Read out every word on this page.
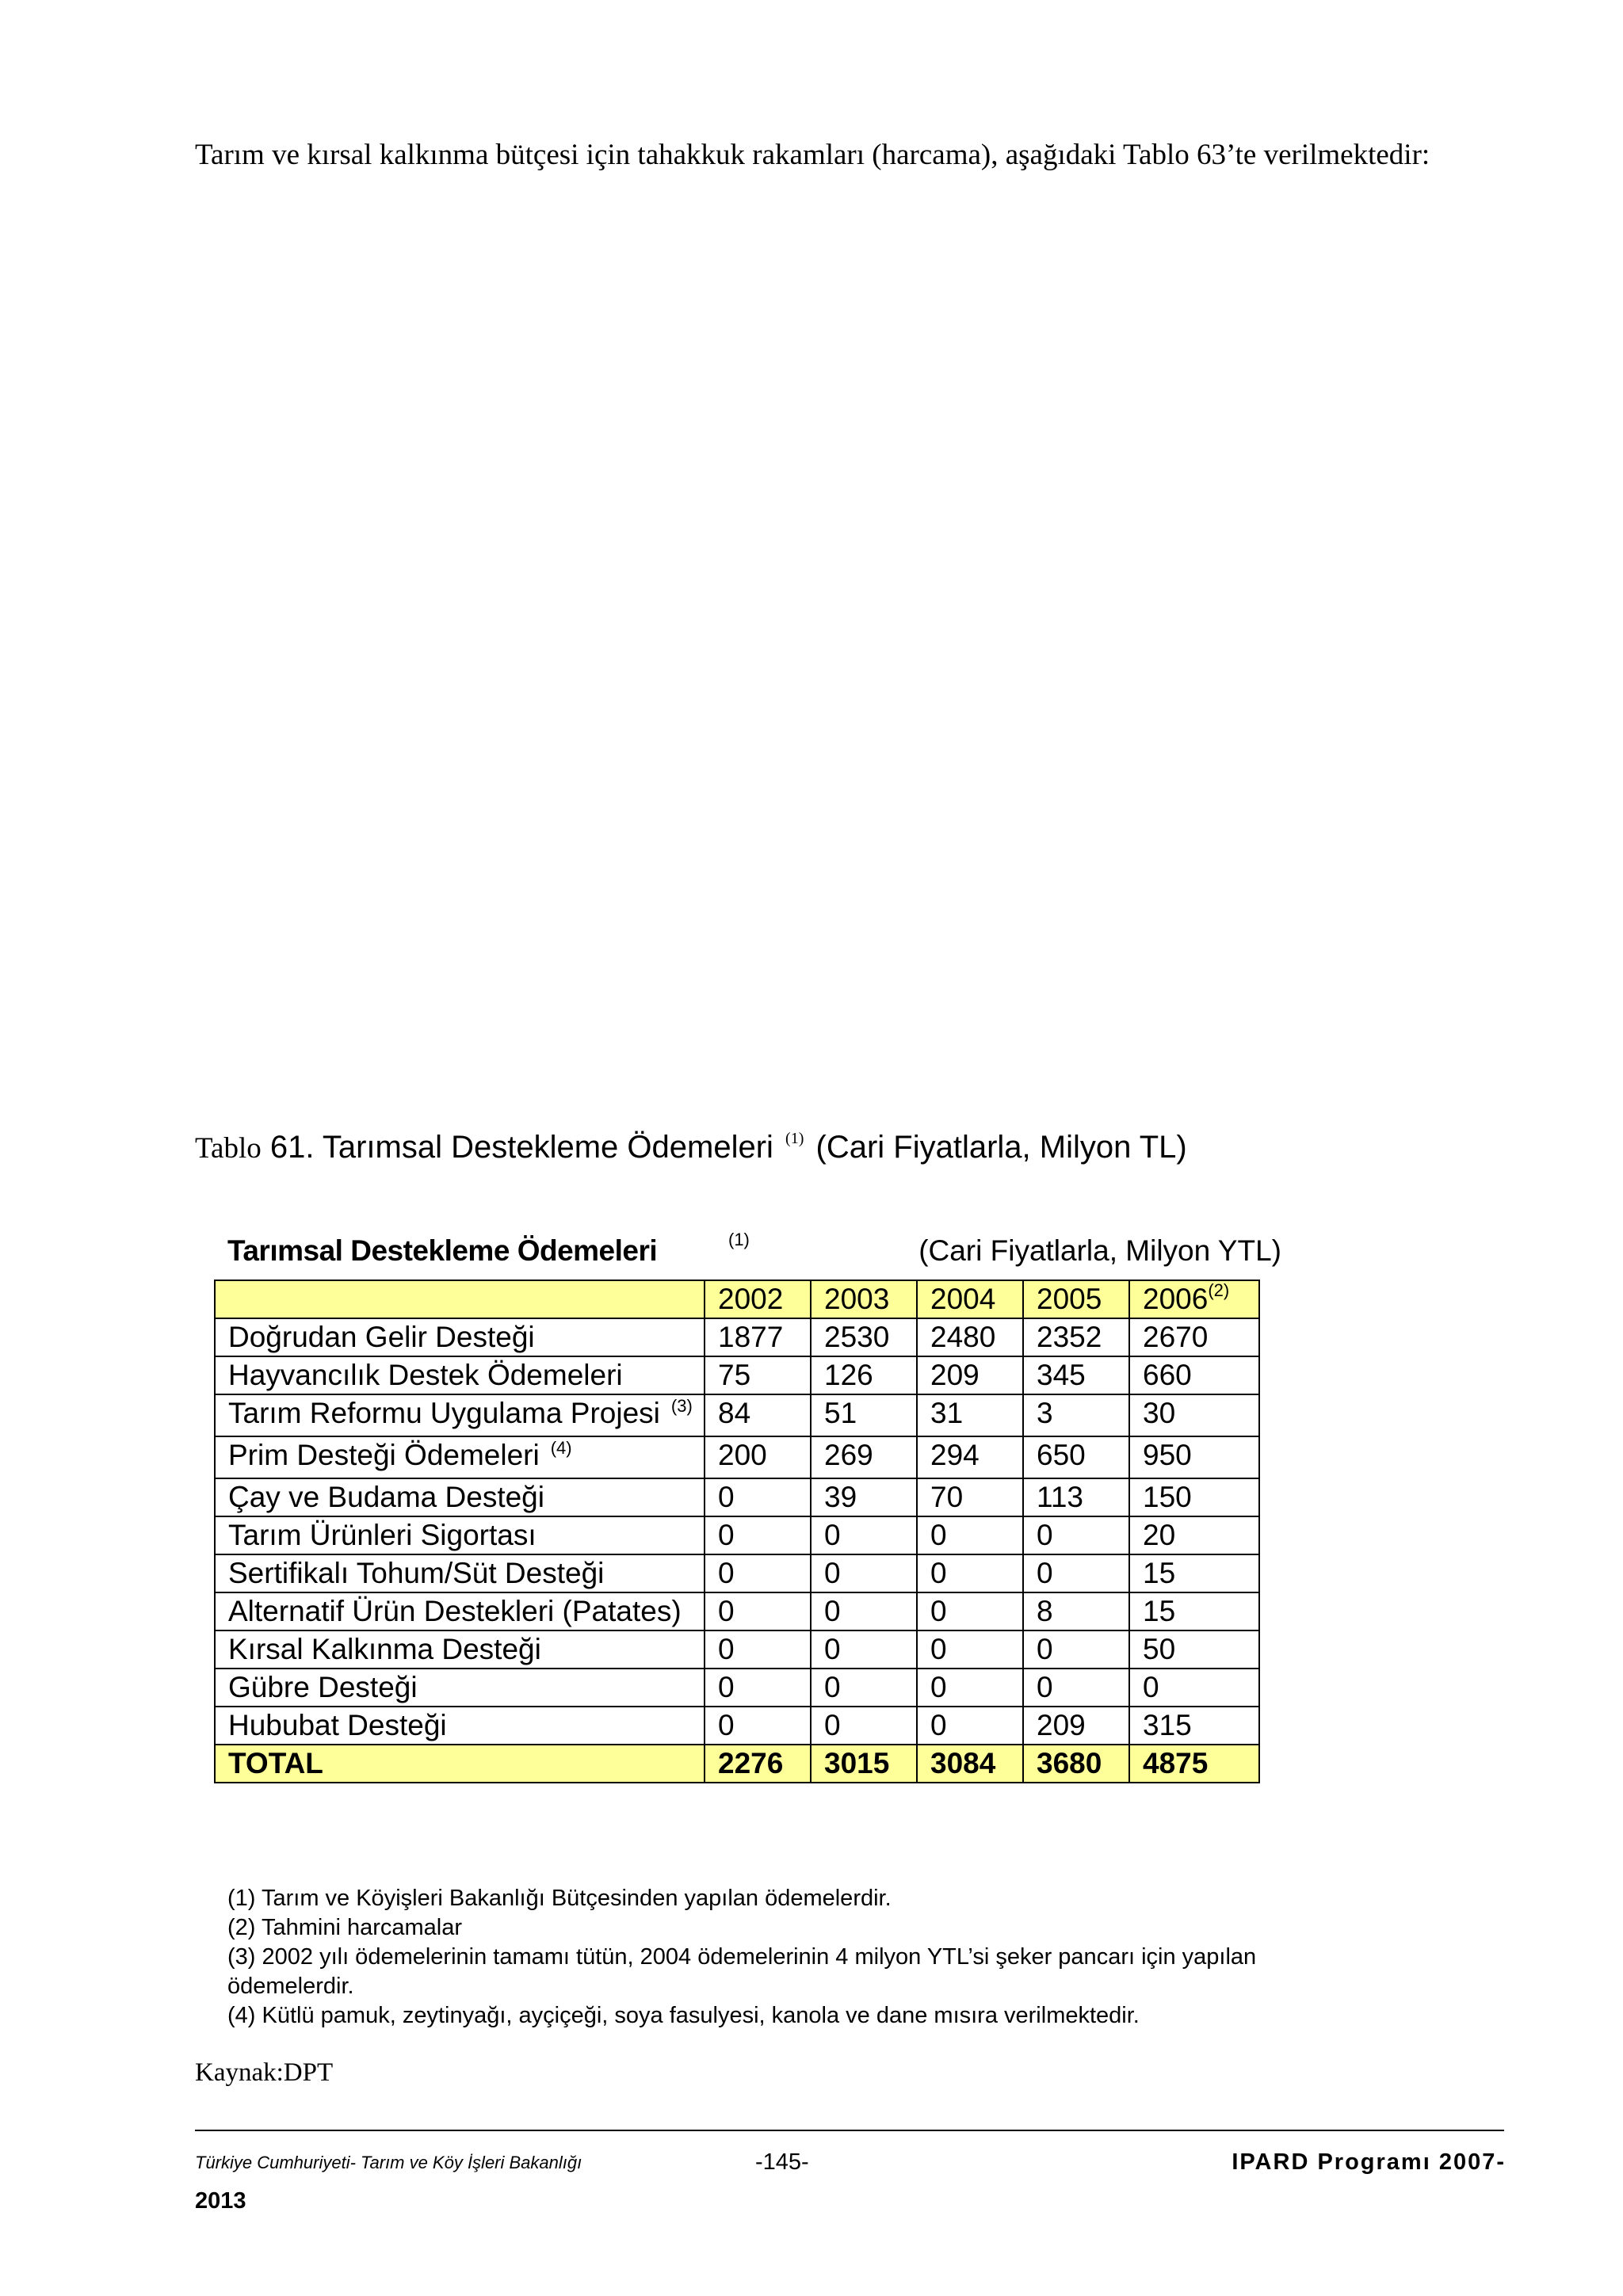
Tarım ve kırsal kalkınma bütçesi için tahakkuk rakamları (harcama), aşağıdaki Tablo 63’te verilmektedir:
Tablo 61. Tarımsal Destekleme Ödemeleri $^{(1)}$ (Cari Fiyatlarla, Milyon TL)
Tarımsal Destekleme Ödemeleri	(1)	(Cari Fiyatlarla, Milyon YTL)
	2002	2003	2004	2005	2006$^{(2)}$
Doğrudan Gelir Desteği	1877	2530	2480	2352	2670
Hayvancılık Destek Ödemeleri	75	126	209	345	660
Tarım Reformu Uygulama Projesi $^{(3)}$	84	51	31	3	30
Prim Desteği Ödemeleri $^{(4)}$	200	269	294	650	950
Çay ve Budama Desteği	0	39	70	113	150
Tarım Ürünleri Sigortası	0	0	0	0	20
Sertifikalı Tohum/Süt Desteği	0	0	0	0	15
Alternatif Ürün Destekleri (Patates)	0	0	0	8	15
Kırsal Kalkınma Desteği	0	0	0	0	50
Gübre Desteği	0	0	0	0	0
Hububat Desteği	0	0	0	209	315
TOTAL	2276	3015	3084	3680	4875
(1) Tarım ve Köyişleri Bakanlığı Bütçesinden yapılan ödemelerdir.
(2) Tahmini harcamalar
(3) 2002 yılı ödemelerinin tamamı tütün, 2004 ödemelerinin 4 milyon YTL’si şeker pancarı için yapılan ödemelerdir.
(4) Kütlü pamuk, zeytinyağı, ayçiçeği, soya fasulyesi, kanola ve dane mısıra verilmektedir.
Kaynak:DPT
Türkiye Cumhuriyeti- Tarım ve Köy İşleri Bakanlığı	-145-	IPARD Programı 2007-
2013
